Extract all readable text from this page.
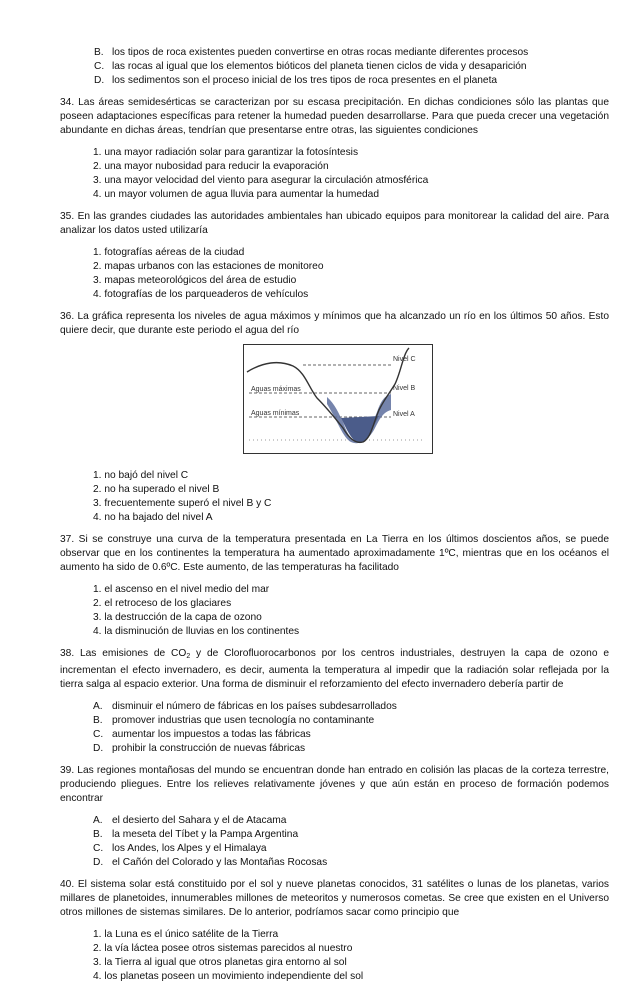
B. los tipos de roca existentes pueden convertirse en otras rocas mediante diferentes procesos
C. las rocas al igual que los elementos bióticos del planeta tienen ciclos de vida y desaparición
D. los sedimentos son el proceso inicial de los tres tipos de roca presentes en el planeta
34. Las áreas semidesérticas se caracterizan por su escasa precipitación. En dichas condiciones sólo las plantas que poseen adaptaciones específicas para retener la humedad pueden desarrollarse. Para que pueda crecer una vegetación abundante en dichas áreas, tendrían que presentarse entre otras, las siguientes condiciones
1. una mayor radiación solar para garantizar la fotosíntesis
2. una mayor nubosidad para reducir la evaporación
3. una mayor velocidad del viento para asegurar la circulación atmosférica
4. un mayor volumen de agua lluvia para aumentar la humedad
35. En las grandes ciudades las autoridades ambientales han ubicado equipos para monitorear la calidad del aire. Para analizar los datos usted utilizaría
1. fotografías aéreas de la ciudad
2. mapas urbanos con las estaciones de monitoreo
3. mapas meteorológicos del área de estudio
4. fotografías de los parqueaderos de vehículos
36. La gráfica representa los niveles de agua máximos y mínimos que ha alcanzado un río en los últimos 50 años. Esto quiere decir, que durante este periodo el agua del río
Aguas máximas
Aguas mínimas
Nivel C
Nivel B
Nivel A
1. no bajó del nivel C
2. no ha superado el nivel B
3. frecuentemente superó el nivel B y C
4. no ha bajado del nivel A
37. Si se construye una curva de la temperatura presentada en La Tierra en los últimos doscientos años, se puede observar que en los continentes la temperatura ha aumentado aproximadamente 1ºC, mientras que en los océanos el aumento ha sido de 0.6ºC. Este aumento, de las temperaturas ha facilitado
1. el ascenso en el nivel medio del mar
2. el retroceso de los glaciares
3. la destrucción de la capa de ozono
4. la disminución de lluvias en los continentes
38. Las emisiones de $CO_2$ y de Clorofluorocarbonos por los centros industriales, destruyen la capa de ozono e incrementan el efecto invernadero, es decir, aumenta la temperatura al impedir que la radiación solar reflejada por la tierra salga al espacio exterior. Una forma de disminuir el reforzamiento del efecto invernadero debería partir de
A. disminuir el número de fábricas en los países subdesarrollados
B. promover industrias que usen tecnología no contaminante
C. aumentar los impuestos a todas las fábricas
D. prohibir la construcción de nuevas fábricas
39. Las regiones montañosas del mundo se encuentran donde han entrado en colisión las placas de la corteza terrestre, produciendo pliegues. Entre los relieves relativamente jóvenes y que aún están en proceso de formación podemos encontrar
A. el desierto del Sahara y el de Atacama
B. la meseta del Tíbet y la Pampa Argentina
C. los Andes, los Alpes y el Himalaya
D. el Cañón del Colorado y las Montañas Rocosas
40. El sistema solar está constituido por el sol y nueve planetas conocidos, 31 satélites o lunas de los planetas, varios millares de planetoides, innumerables millones de meteoritos y numerosos cometas. Se cree que existen en el Universo otros millones de sistemas similares. De lo anterior, podríamos sacar como principio que
1. la Luna es el único satélite de la Tierra
2. la vía láctea posee otros sistemas parecidos al nuestro
3. la Tierra al igual que otros planetas gira entorno al sol
4. los planetas poseen un movimiento independiente del sol
